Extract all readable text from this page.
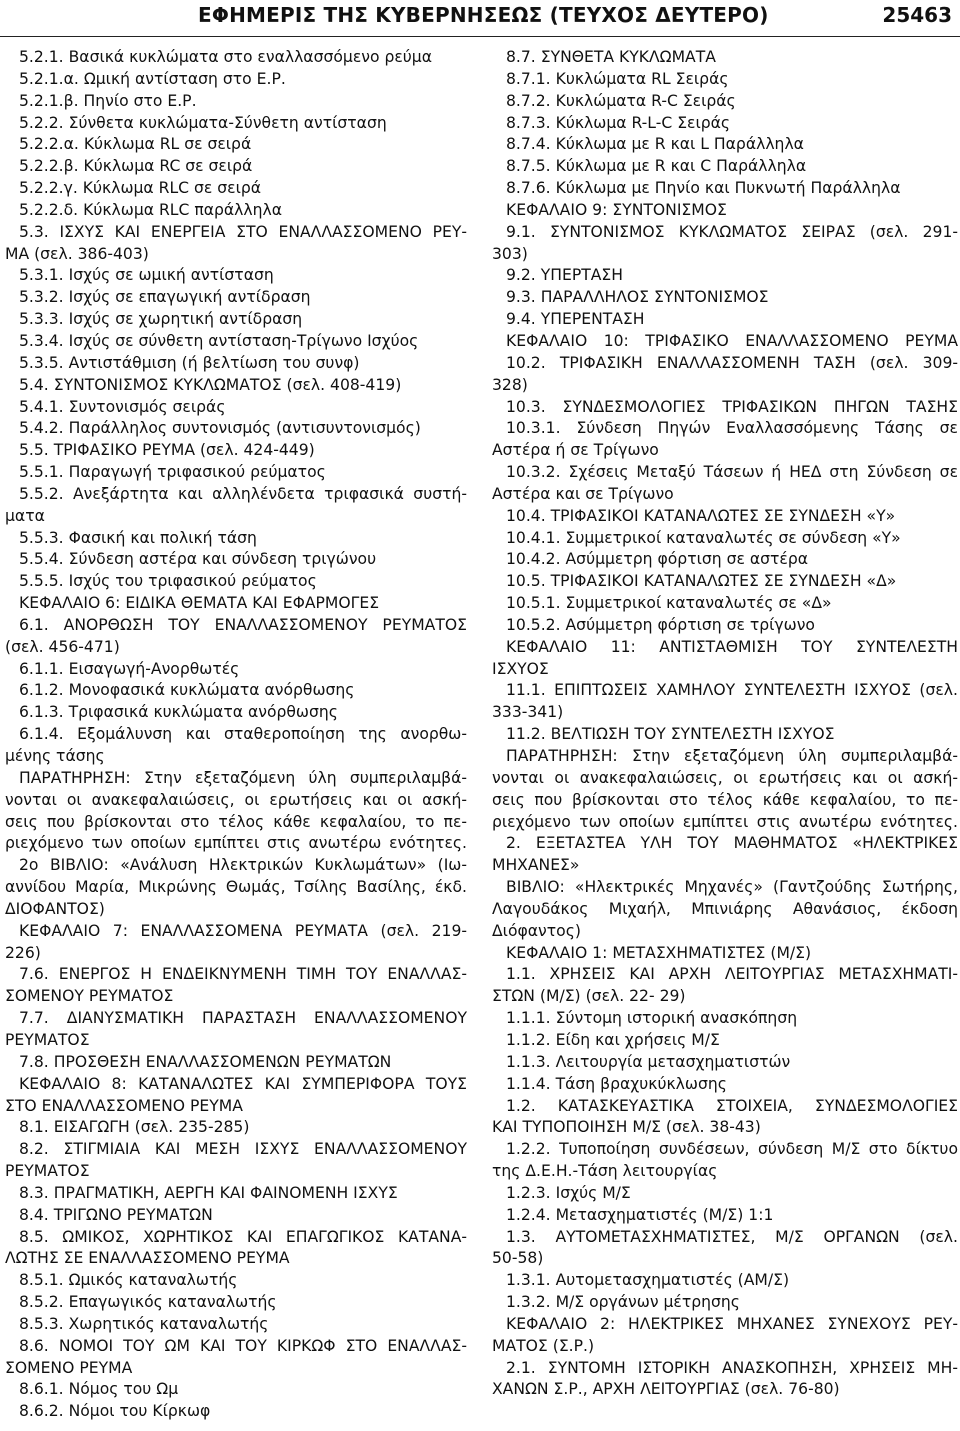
ΕΦΗΜΕΡΙΣ ΤΗΣ ΚΥΒΕΡΝΗΣΕΩΣ (ΤΕΥΧΟΣ ΔΕΥΤΕΡΟ)	25463
5.2.1. Βασικά κυκλώματα στο εναλλασσόμενο ρεύμα
5.2.1.α. Ωμική αντίσταση στο Ε.Ρ.
5.2.1.β. Πηνίο στο Ε.Ρ.
5.2.2. Σύνθετα κυκλώματα-Σύνθετη αντίσταση
5.2.2.α. Κύκλωμα RL σε σειρά
5.2.2.β. Κύκλωμα RC σε σειρά
5.2.2.γ. Κύκλωμα RLC σε σειρά
5.2.2.δ. Κύκλωμα RLC παράλληλα
5.3. ΙΣΧΥΣ ΚΑΙ ΕΝΕΡΓΕΙΑ ΣΤΟ ΕΝΑΛΛΑΣΣΟΜΕΝΟ ΡΕΥ-
ΜΑ (σελ. 386-403)
5.3.1. Ισχύς σε ωμική αντίσταση
5.3.2. Ισχύς σε επαγωγική αντίδραση
5.3.3. Ισχύς σε χωρητική αντίδραση
5.3.4. Ισχύς σε σύνθετη αντίσταση-Τρίγωνο Ισχύος
5.3.5. Αντιστάθμιση (ή βελτίωση του συνφ)
5.4. ΣΥΝΤΟΝΙΣΜΟΣ ΚΥΚΛΩΜΑΤΟΣ (σελ. 408-419)
5.4.1. Συντονισμός σειράς
5.4.2. Παράλληλος συντονισμός (αντισυντονισμός)
5.5. ΤΡΙΦΑΣΙΚΟ ΡΕΥΜΑ (σελ. 424-449)
5.5.1. Παραγωγή τριφασικού ρεύματος
5.5.2. Ανεξάρτητα και αλληλένδετα τριφασικά συστή-
ματα
5.5.3. Φασική και πολική τάση
5.5.4. Σύνδεση αστέρα και σύνδεση τριγώνου
5.5.5. Ισχύς του τριφασικού ρεύματος
ΚΕΦΑΛΑΙΟ 6: ΕΙΔΙΚΑ ΘΕΜΑΤΑ ΚΑΙ ΕΦΑΡΜΟΓΕΣ
6.1. ΑΝΟΡΘΩΣΗ ΤΟΥ ΕΝΑΛΛΑΣΣΟΜΕΝΟΥ ΡΕΥΜΑΤΟΣ
(σελ. 456-471)
6.1.1. Εισαγωγή-Ανορθωτές
6.1.2. Μονοφασικά κυκλώματα ανόρθωσης
6.1.3. Τριφασικά κυκλώματα ανόρθωσης
6.1.4. Εξομάλυνση και σταθεροποίηση της ανορθω-
μένης τάσης
ΠΑΡΑΤΗΡΗΣΗ: Στην εξεταζόμενη ύλη συμπεριλαμβά-
νονται οι ανακεφαλαιώσεις, οι ερωτήσεις και οι ασκή-
σεις που βρίσκονται στο τέλος κάθε κεφαλαίου, το πε-
ριεχόμενο των οποίων εμπίπτει στις ανωτέρω ενότητες.
2ο ΒΙΒΛΙΟ: «Ανάλυση Ηλεκτρικών Κυκλωμάτων» (Ιω-
αννίδου Μαρία, Μικρώνης Θωμάς, Τσίλης Βασίλης, έκδ.
ΔΙΟΦΑΝΤΟΣ)
ΚΕΦΑΛΑΙΟ 7: ΕΝΑΛΛΑΣΣΟΜΕΝΑ ΡΕΥΜΑΤΑ (σελ. 219-
226)
7.6. ΕΝΕΡΓΟΣ Η ΕΝΔΕΙΚΝΥΜΕΝΗ ΤΙΜΗ ΤΟΥ ΕΝΑΛΛΑΣ-
ΣΟΜΕΝΟΥ ΡΕΥΜΑΤΟΣ
7.7. ΔΙΑΝΥΣΜΑΤΙΚΗ ΠΑΡΑΣΤΑΣΗ ΕΝΑΛΛΑΣΣΟΜΕΝΟΥ
ΡΕΥΜΑΤΟΣ
7.8. ΠΡΟΣΘΕΣΗ ΕΝΑΛΛΑΣΣΟΜΕΝΩΝ ΡΕΥΜΑΤΩΝ
ΚΕΦΑΛΑΙΟ 8: ΚΑΤΑΝΑΛΩΤΕΣ ΚΑΙ ΣΥΜΠΕΡΙΦΟΡΑ ΤΟΥΣ
ΣΤΟ ΕΝΑΛΛΑΣΣΟΜΕΝΟ ΡΕΥΜΑ
8.1. ΕΙΣΑΓΩΓΗ (σελ. 235-285)
8.2. ΣΤΙΓΜΙΑΙΑ ΚΑΙ ΜΕΣΗ ΙΣΧΥΣ ΕΝΑΛΛΑΣΣΟΜΕΝΟΥ
ΡΕΥΜΑΤΟΣ
8.3. ΠΡΑΓΜΑΤΙΚΗ, ΑΕΡΓΗ ΚΑΙ ΦΑΙΝΟΜΕΝΗ ΙΣΧΥΣ
8.4. ΤΡΙΓΩΝΟ ΡΕΥΜΑΤΩΝ
8.5. ΩΜΙΚΟΣ, ΧΩΡΗΤΙΚΟΣ ΚΑΙ ΕΠΑΓΩΓΙΚΟΣ ΚΑΤΑΝΑ-
ΛΩΤΗΣ ΣΕ ΕΝΑΛΛΑΣΣΟΜΕΝΟ ΡΕΥΜΑ
8.5.1. Ωμικός καταναλωτής
8.5.2. Επαγωγικός καταναλωτής
8.5.3. Χωρητικός καταναλωτής
8.6. ΝΟΜΟΙ ΤΟΥ ΩΜ ΚΑΙ ΤΟΥ ΚΙΡΚΩΦ ΣΤΟ ΕΝΑΛΛΑΣ-
ΣΟΜΕΝΟ ΡΕΥΜΑ
8.6.1. Νόμος του Ωμ
8.6.2. Νόμοι του Κίρκωφ
8.7. ΣΥΝΘΕΤΑ ΚΥΚΛΩΜΑΤΑ
8.7.1. Κυκλώματα RL Σειράς
8.7.2. Κυκλώματα R-C Σειράς
8.7.3. Κύκλωμα R-L-C Σειράς
8.7.4. Κύκλωμα με R και L Παράλληλα
8.7.5. Κύκλωμα με R και C Παράλληλα
8.7.6. Κύκλωμα με Πηνίο και Πυκνωτή Παράλληλα
ΚΕΦΑΛΑΙΟ 9: ΣΥΝΤΟΝΙΣΜΟΣ
9.1. ΣΥΝΤΟΝΙΣΜΟΣ ΚΥΚΛΩΜΑΤΟΣ ΣΕΙΡΑΣ (σελ. 291-
303)
9.2. ΥΠΕΡΤΑΣΗ
9.3. ΠΑΡΑΛΛΗΛΟΣ ΣΥΝΤΟΝΙΣΜΟΣ
9.4. ΥΠΕΡΕΝΤΑΣΗ
ΚΕΦΑΛΑΙΟ 10: ΤΡΙΦΑΣΙΚΟ ΕΝΑΛΛΑΣΣΟΜΕΝΟ ΡΕΥΜΑ
10.2. ΤΡΙΦΑΣΙΚΗ ΕΝΑΛΛΑΣΣΟΜΕΝΗ ΤΑΣΗ (σελ. 309-
328)
10.3. ΣΥΝΔΕΣΜΟΛΟΓΙΕΣ ΤΡΙΦΑΣΙΚΩΝ ΠΗΓΩΝ ΤΑΣΗΣ
10.3.1. Σύνδεση Πηγών Εναλλασσόμενης Τάσης σε
Αστέρα ή σε Τρίγωνο
10.3.2. Σχέσεις Μεταξύ Τάσεων ή ΗΕΔ στη Σύνδεση σε
Αστέρα και σε Τρίγωνο
10.4. ΤΡΙΦΑΣΙΚΟΙ ΚΑΤΑΝΑΛΩΤΕΣ ΣΕ ΣΥΝΔΕΣΗ «Υ»
10.4.1. Συμμετρικοί καταναλωτές σε σύνδεση «Υ»
10.4.2. Ασύμμετρη φόρτιση σε αστέρα
10.5. ΤΡΙΦΑΣΙΚΟΙ ΚΑΤΑΝΑΛΩΤΕΣ ΣΕ ΣΥΝΔΕΣΗ «Δ»
10.5.1. Συμμετρικοί καταναλωτές σε «Δ»
10.5.2. Ασύμμετρη φόρτιση σε τρίγωνο
ΚΕΦΑΛΑΙΟ 11: ΑΝΤΙΣΤΑΘΜΙΣΗ ΤΟΥ ΣΥΝΤΕΛΕΣΤΗ
ΙΣΧΥΟΣ
11.1. ΕΠΙΠΤΩΣΕΙΣ ΧΑΜΗΛΟΥ ΣΥΝΤΕΛΕΣΤΗ ΙΣΧΥΟΣ (σελ.
333-341)
11.2. ΒΕΛΤΙΩΣΗ ΤΟΥ ΣΥΝΤΕΛΕΣΤΗ ΙΣΧΥΟΣ
ΠΑΡΑΤΗΡΗΣΗ: Στην εξεταζόμενη ύλη συμπεριλαμβά-
νονται οι ανακεφαλαιώσεις, οι ερωτήσεις και οι ασκή-
σεις που βρίσκονται στο τέλος κάθε κεφαλαίου, το πε-
ριεχόμενο των οποίων εμπίπτει στις ανωτέρω ενότητες.
2. ΕΞΕΤΑΣΤΕΑ ΥΛΗ ΤΟΥ ΜΑΘΗΜΑΤΟΣ «ΗΛΕΚΤΡΙΚΕΣ
ΜΗΧΑΝΕΣ»
ΒΙΒΛΙΟ: «Ηλεκτρικές Μηχανές» (Γαντζούδης Σωτήρης,
Λαγουδάκος Μιχαήλ, Μπινιάρης Αθανάσιος, έκδοση
Διόφαντος)
ΚΕΦΑΛΑΙΟ 1: ΜΕΤΑΣΧΗΜΑΤΙΣΤΕΣ (Μ/Σ)
1.1. ΧΡΗΣΕΙΣ ΚΑΙ ΑΡΧΗ ΛΕΙΤΟΥΡΓΙΑΣ ΜΕΤΑΣΧΗΜΑΤΙ-
ΣΤΩΝ (Μ/Σ) (σελ. 22- 29)
1.1.1. Σύντομη ιστορική ανασκόπηση
1.1.2. Είδη και χρήσεις Μ/Σ
1.1.3. Λειτουργία μετασχηματιστών
1.1.4. Τάση βραχυκύκλωσης
1.2. ΚΑΤΑΣΚΕΥΑΣΤΙΚΑ ΣΤΟΙΧΕΙΑ, ΣΥΝΔΕΣΜΟΛΟΓΙΕΣ
ΚΑΙ ΤΥΠΟΠΟΙΗΣΗ Μ/Σ (σελ. 38-43)
1.2.2. Τυποποίηση συνδέσεων, σύνδεση Μ/Σ στο δίκτυο
της Δ.Ε.Η.-Τάση λειτουργίας
1.2.3. Ισχύς Μ/Σ
1.2.4. Μετασχηματιστές (Μ/Σ) 1:1
1.3. ΑΥΤΟΜΕΤΑΣΧΗΜΑΤΙΣΤΕΣ, Μ/Σ ΟΡΓΑΝΩΝ (σελ.
50-58)
1.3.1. Αυτομετασχηματιστές (ΑΜ/Σ)
1.3.2. Μ/Σ οργάνων μέτρησης
ΚΕΦΑΛΑΙΟ 2: ΗΛΕΚΤΡΙΚΕΣ ΜΗΧΑΝΕΣ ΣΥΝΕΧΟΥΣ ΡΕΥ-
ΜΑΤΟΣ (Σ.Ρ.)
2.1. ΣΥΝΤΟΜΗ ΙΣΤΟΡΙΚΗ ΑΝΑΣΚΟΠΗΣΗ, ΧΡΗΣΕΙΣ ΜΗ-
ΧΑΝΩΝ Σ.Ρ., ΑΡΧΗ ΛΕΙΤΟΥΡΓΙΑΣ (σελ. 76-80)
